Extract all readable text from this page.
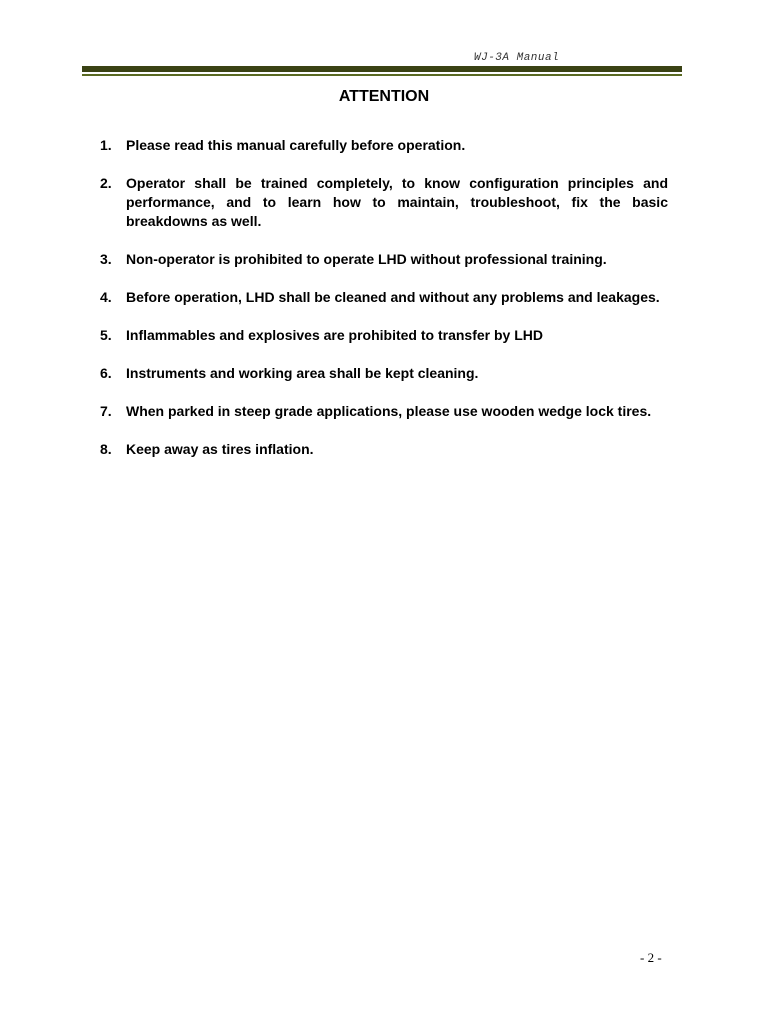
WJ-3A Manual
ATTENTION
1.	Please read this manual carefully before operation.
2.	Operator shall be trained completely, to know configuration principles and performance, and to learn how to maintain, troubleshoot, fix the basic breakdowns as well.
3.	Non-operator is prohibited to operate LHD without professional training.
4.	Before operation, LHD shall be cleaned and without any problems and leakages.
5.	Inflammables and explosives are prohibited to transfer by LHD
6.	Instruments and working area shall be kept cleaning.
7.	When parked in steep grade applications, please use wooden wedge lock tires.
8.	Keep away as tires inflation.
- 2 -
